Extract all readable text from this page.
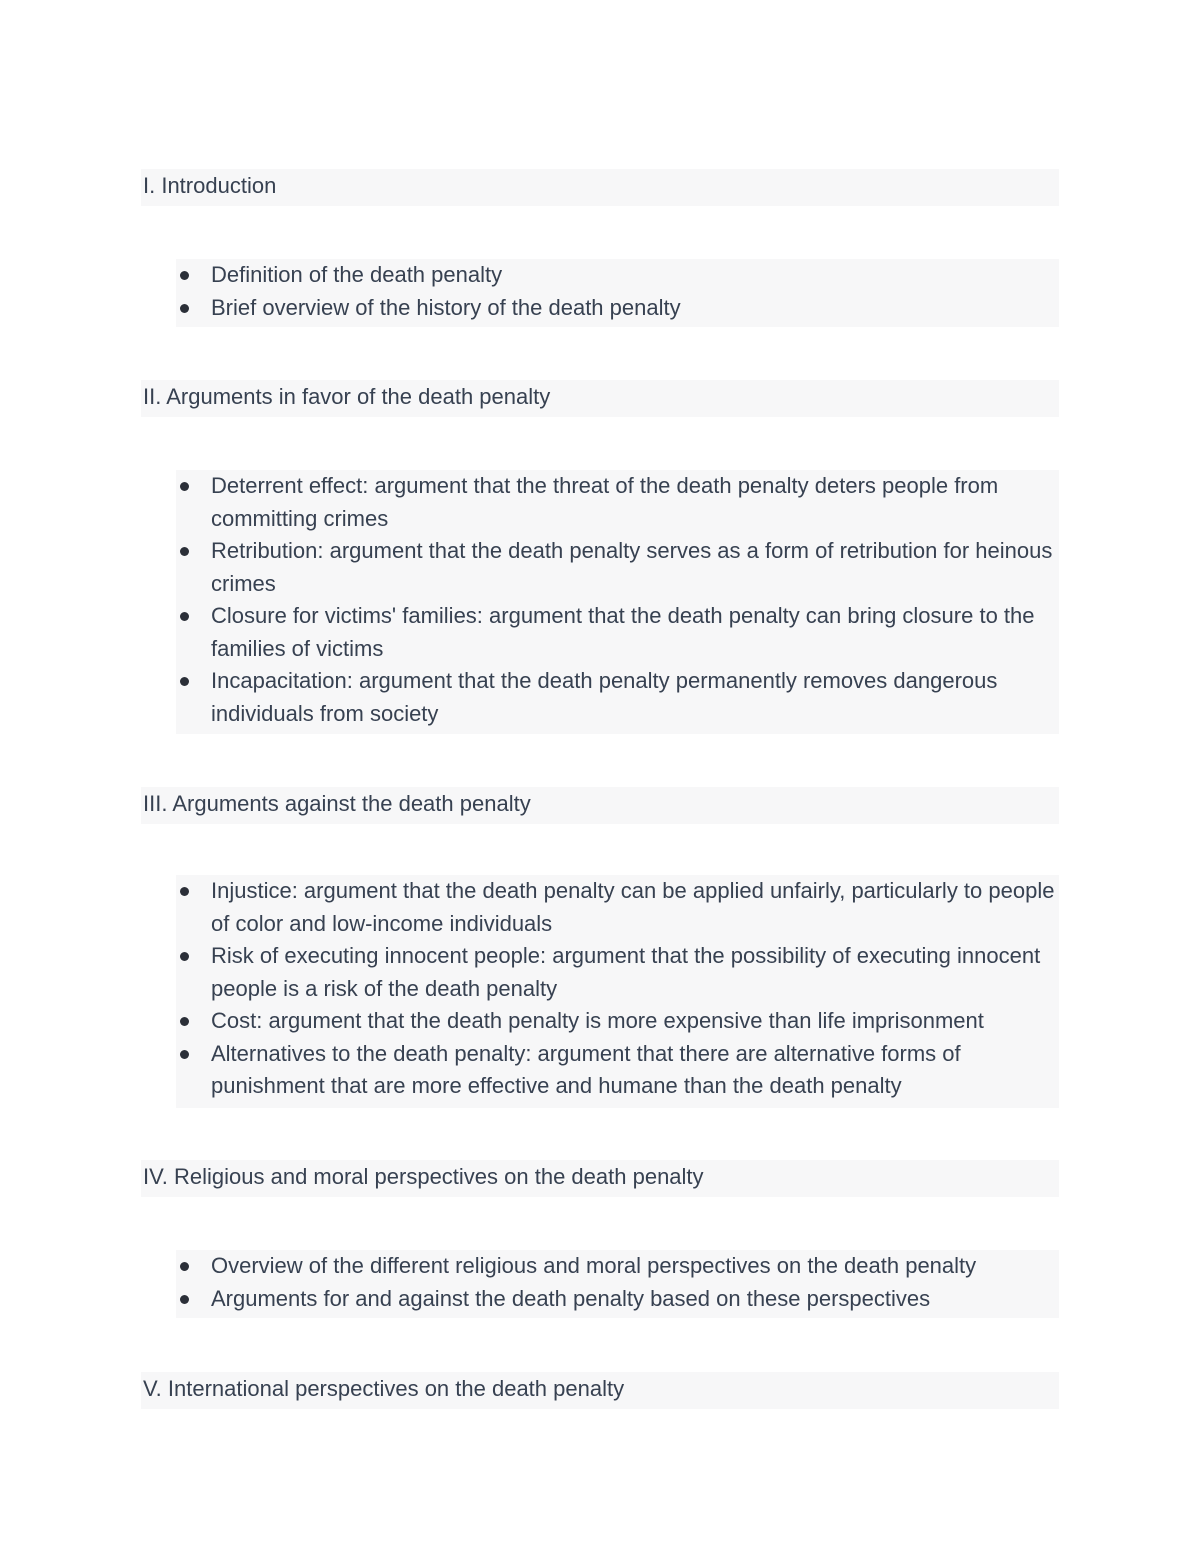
I. Introduction
Definition of the death penalty
Brief overview of the history of the death penalty
II. Arguments in favor of the death penalty
Deterrent effect: argument that the threat of the death penalty deters people from committing crimes
Retribution: argument that the death penalty serves as a form of retribution for heinous crimes
Closure for victims' families: argument that the death penalty can bring closure to the families of victims
Incapacitation: argument that the death penalty permanently removes dangerous individuals from society
III. Arguments against the death penalty
Injustice: argument that the death penalty can be applied unfairly, particularly to people of color and low-income individuals
Risk of executing innocent people: argument that the possibility of executing innocent people is a risk of the death penalty
Cost: argument that the death penalty is more expensive than life imprisonment
Alternatives to the death penalty: argument that there are alternative forms of punishment that are more effective and humane than the death penalty
IV. Religious and moral perspectives on the death penalty
Overview of the different religious and moral perspectives on the death penalty
Arguments for and against the death penalty based on these perspectives
V. International perspectives on the death penalty
